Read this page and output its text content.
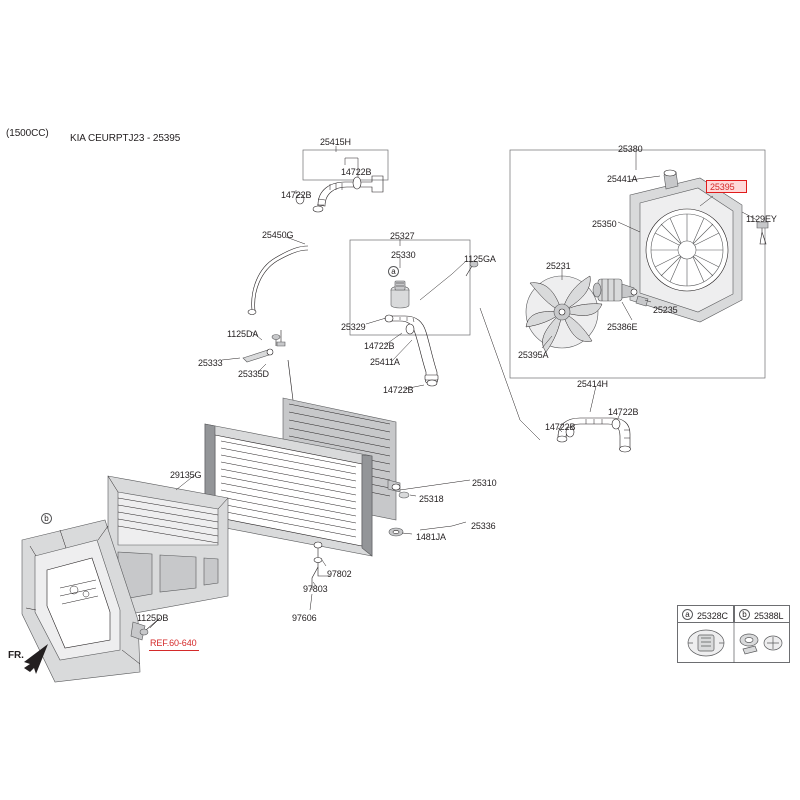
(1500CC) KIA CEURPTJ23 - 25395
FR.
25395
REF.60-640
a
b
25415H
14722B
14722B
25450G	25327
25330	1125GA
25329
14722B
25411A
14722B
1125DA
25333
25335D
29135G
25310
25318
1481JA
25336
97802
97803
97606
1125DB
25380
25441A
25350	1129EY
25231
25235
25386E
25395A
25414H
14722B
14722B
a 25328C	b 25388L
